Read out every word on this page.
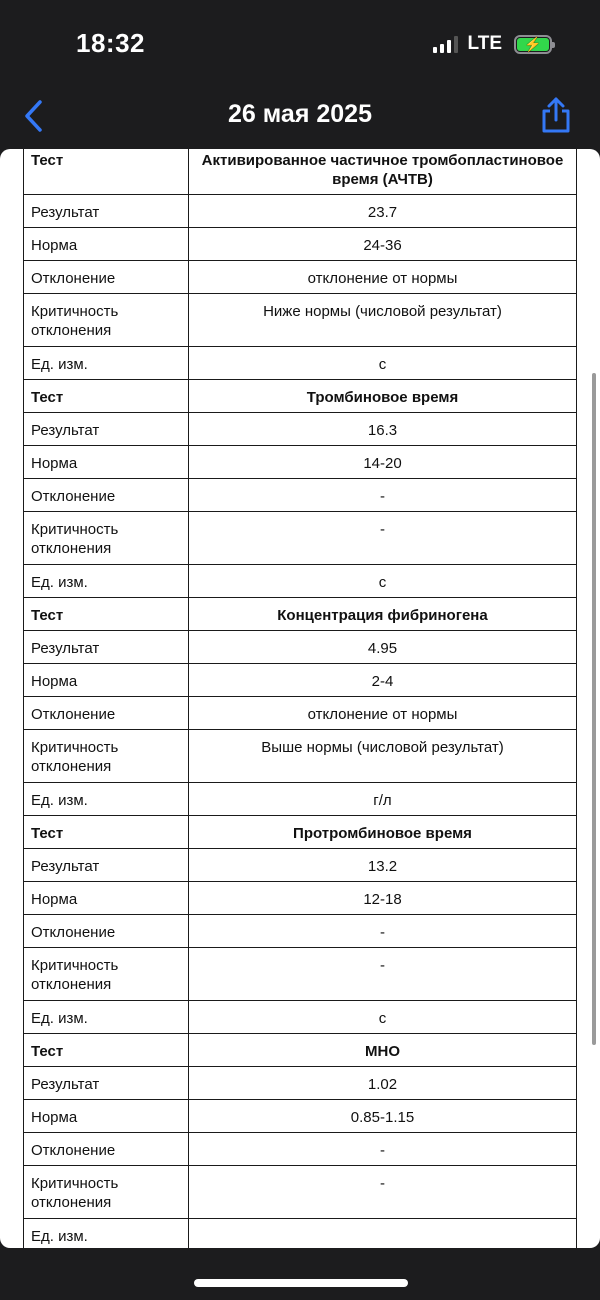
18:32	LTE ⚡
26 мая 2025
Тест	Активированное частичное тромбопластиновое время (АЧТВ)
Результат	23.7
Норма	24-36
Отклонение	отклонение от нормы
Критичность отклонения	Ниже нормы (числовой результат)
Ед. изм.	с
Тест	Тромбиновое время
Результат	16.3
Норма	14-20
Отклонение	-
Критичность отклонения	-
Ед. изм.	с
Тест	Концентрация фибриногена
Результат	4.95
Норма	2-4
Отклонение	отклонение от нормы
Критичность отклонения	Выше нормы (числовой результат)
Ед. изм.	г/л
Тест	Протромбиновое время
Результат	13.2
Норма	12-18
Отклонение	-
Критичность отклонения	-
Ед. изм.	с
Тест	МНО
Результат	1.02
Норма	0.85-1.15
Отклонение	-
Критичность отклонения	-
Ед. изм.	
